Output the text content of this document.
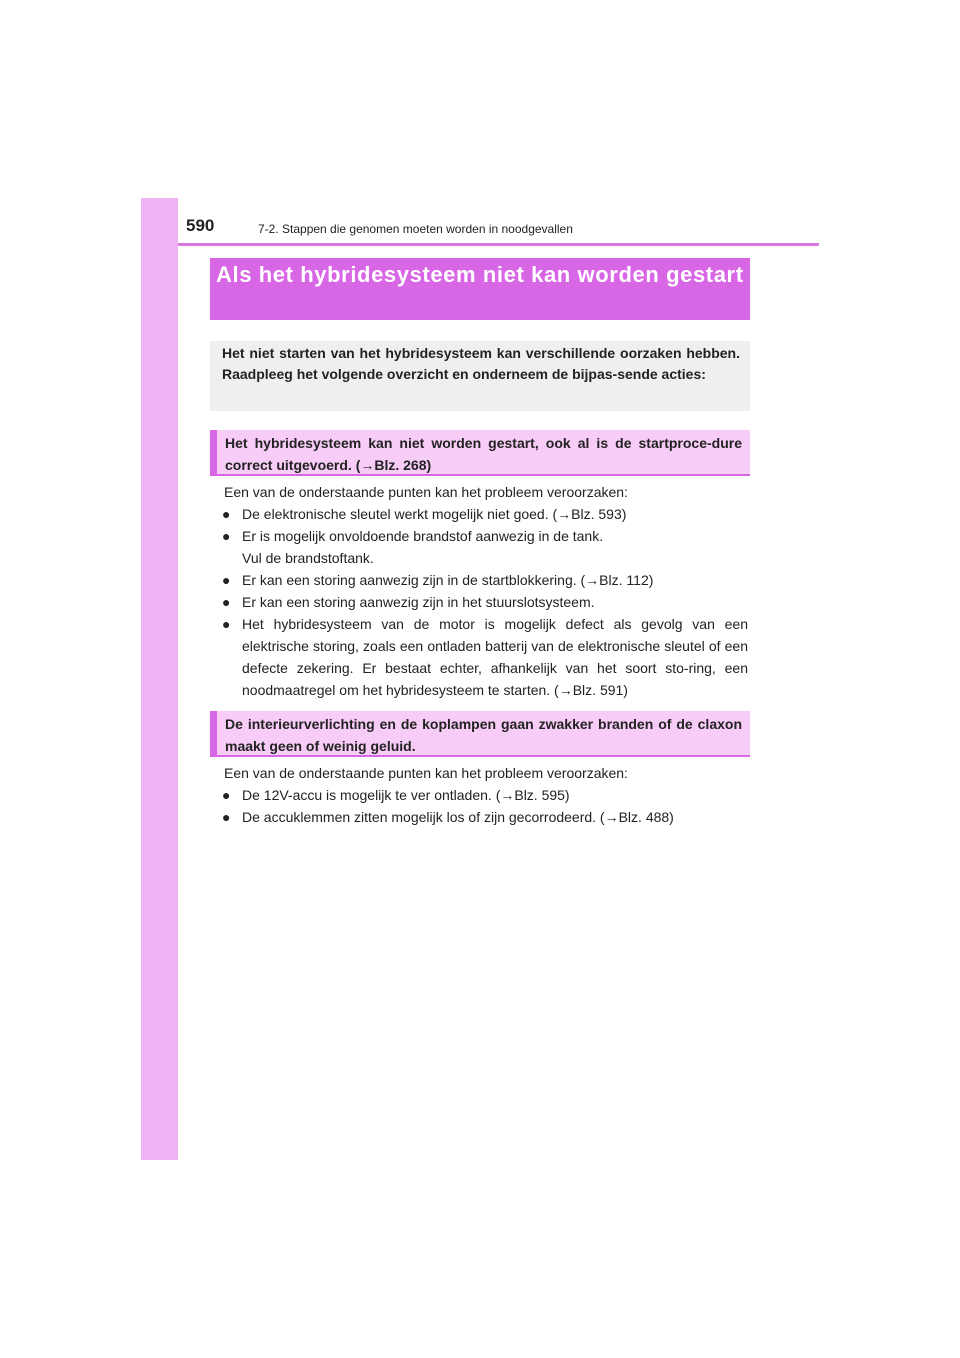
590	7-2. Stappen die genomen moeten worden in noodgevallen
Als het hybridesysteem niet kan worden gestart
Het niet starten van het hybridesysteem kan verschillende oorzaken hebben. Raadpleeg het volgende overzicht en onderneem de bijpas-sende acties:
Het hybridesysteem kan niet worden gestart, ook al is de startproce-dure correct uitgevoerd. (→Blz. 268)
Een van de onderstaande punten kan het probleem veroorzaken:
● De elektronische sleutel werkt mogelijk niet goed. (→Blz. 593)
● Er is mogelijk onvoldoende brandstof aanwezig in de tank.
Vul de brandstoftank.
● Er kan een storing aanwezig zijn in de startblokkering. (→Blz. 112)
● Er kan een storing aanwezig zijn in het stuurslotsysteem.
● Het hybridesysteem van de motor is mogelijk defect als gevolg van een elektrische storing, zoals een ontladen batterij van de elektronische sleutel of een defecte zekering. Er bestaat echter, afhankelijk van het soort sto-ring, een noodmaatregel om het hybridesysteem te starten. (→Blz. 591)
De interieurverlichting en de koplampen gaan zwakker branden of de claxon maakt geen of weinig geluid.
Een van de onderstaande punten kan het probleem veroorzaken:
● De 12V-accu is mogelijk te ver ontladen. (→Blz. 595)
● De accuklemmen zitten mogelijk los of zijn gecorrodeerd. (→Blz. 488)
